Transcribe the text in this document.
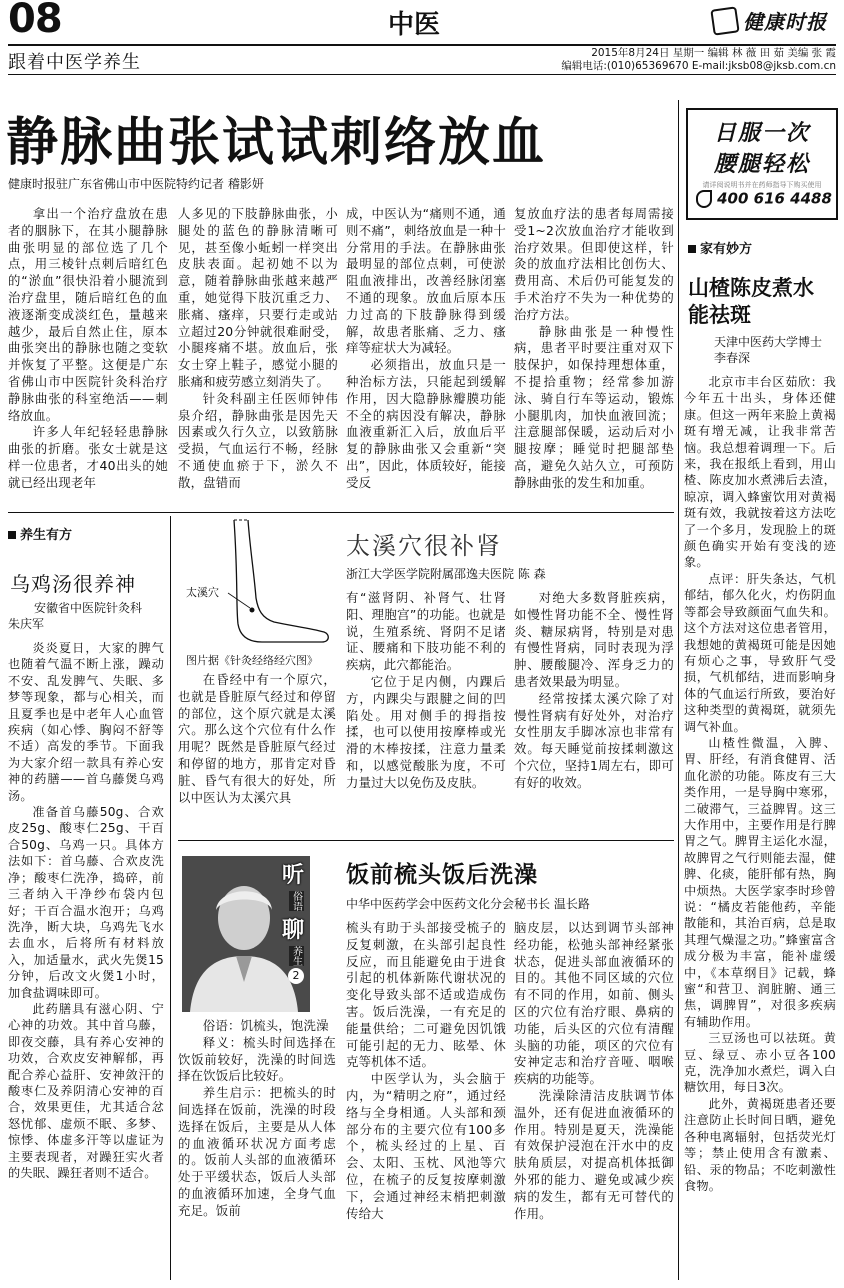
08	中医	健康时报
跟着中医学养生	2015年8月24日 星期一 编辑 林 薇 田 茹 美编 张 霞
编辑电话:(010)65369670 E-mail:jksb08@jksb.com.cn
静脉曲张试试刺络放血
健康时报驻广东省佛山市中医院特约记者 稽影妍

拿出一个治疗盘放在患者的胭脉下，在其小腿静脉曲张明显的部位选了几个点，用三棱针点刺后暗红色的“淤血”很快沿着小腿流到治疗盘里，随后暗红色的血液逐渐变成淡红色，量越来越少，最后自然止住，原本曲张突出的静脉也随之变软并恢复了平整。这便是广东省佛山市中医院针灸科治疗静脉曲张的科室绝活——刺络放血。

许多人年纪轻轻患静脉曲张的折磨。张女士就是这样一位患者，才40出头的她就已经出现老年

人多见的下肢静脉曲张，小腿处的蓝色的静脉清晰可见，甚至像小蚯蚓一样突出皮肤表面。起初她不以为意，随着静脉曲张越来越严重，她觉得下肢沉重乏力、胀痛、瘙痒，只要行走或站立超过20分钟就很难耐受，小腿疼痛不堪。放血后，张女士穿上鞋子，感觉小腿的胀痛和疲劳感立刻消失了。

针灸科副主任医师钟伟泉介绍，静脉曲张是因先天因素或久行久立，以致筋脉受损，气血运行不畅，经脉不通使血瘀于下，淤久不散，盘错而

成，中医认为“痛则不通，通则不痛”，刺络放血是一种十分常用的手法。在静脉曲张最明显的部位点刺，可使淤阻血液排出，改善经脉闭塞不通的现象。放血后原本压力过高的下肢静脉得到缓解，故患者胀痛、乏力、瘙痒等症状大为减轻。

必须指出，放血只是一种治标方法，只能起到缓解作用，因大隐静脉瓣膜功能不全的病因没有解决，静脉血液重新汇入后，放血后平复的静脉曲张又会重新“突出”，因此，体质较好，能接受反

复放血疗法的患者每周需接受1~2次放血治疗才能收到治疗效果。但即使这样，针灸的放血疗法相比创伤大、费用高、术后仍可能复发的手术治疗不失为一种优势的治疗方法。

静脉曲张是一种慢性病，患者平时要注重对双下肢保护，如保持理想体重，不提拾重物；经常参加游泳、骑自行车等运动，锻炼小腿肌肉，加快血液回流；注意腿部保暖，运动后对小腿按摩；睡觉时把腿部垫高，避免久站久立，可预防静脉曲张的发生和加重。

日服一次
腰腿轻松
请详阅说明书并在药师指导下购买使用
400 616 4488
家有妙方
山楂陈皮煮水能祛斑
天津中医药大学博士
李春深

北京市丰台区茹欣：我今年五十出头，身体还健康。但这一两年来脸上黄褐斑有增无减，让我非常苦恼。我总想着调理一下。后来，我在报纸上看到，用山楂、陈皮加水煮沸后去渣，晾凉，调入蜂蜜饮用对黄褐斑有效，我就按着这方法吃了一个多月，发现脸上的斑颜色确实开始有变浅的迹象。

点评：肝失条达，气机郁结，郁久化火，灼伤阴血等都会导致颜面气血失和。这个方法对这位患者管用，我想她的黄褐斑可能是因她有烦心之事，导致肝气受损，气机郁结，进而影响身体的气血运行所致，要治好这种类型的黄褐斑，就须先调气补血。

山楂性微温，入脾、胃、肝经，有消食健胃、活血化淤的功能。陈皮有三大类作用，一是导胸中寒邪，二破滞气，三益脾胃。这三大作用中，主要作用是行脾胃之气。脾胃主运化水湿，故脾胃之气行则能去湿，健脾、化痰，能肝郁有热，胸中烦热。大医学家李时珍曾说：“橘皮若能他药，辛能散能和，其治百病，总是取其理气燥湿之功。”蜂蜜富含成分极为丰富，能补虚缓中，《本草纲目》记载，蜂蜜“和营卫、润脏腑、通三焦，调脾胃”，对很多疾病有辅助作用。

三豆汤也可以祛斑。黄豆、绿豆、赤小豆各100克，洗净加水煮烂，调入白糖饮用，每日3次。

此外，黄褐斑患者还要注意防止长时间日晒，避免各种电离辐射，包括荧光灯等；禁止使用含有激素、铅、汞的物品；不吃刺激性食物。

养生有方
乌鸡汤很养神
安徽省中医院针灸科
朱庆军

炎炎夏日，大家的脾气也随着气温不断上涨，躁动不安、乱发脾气、失眠、多梦等现象，都与心相关，而且夏季也是中老年人心血管疾病（如心悸、胸闷不舒等不适）高发的季节。下面我为大家介绍一款具有养心安神的药膳——首乌藤煲乌鸡汤。

准备首乌藤50g、合欢皮25g、酸枣仁25g、干百合50g、乌鸡一只。具体方法如下：首乌藤、合欢皮洗净；酸枣仁洗净，捣碎，前三者纳入干净纱布袋内包好；干百合温水泡开；乌鸡洗净，断大块，乌鸡先飞水去血水，后将所有材料放入，加适量水，武火先煲15分钟，后改文火煲1小时，加食盐调味即可。

此药膳具有滋心阴、宁心神的功效。其中首乌藤，即夜交藤，具有养心安神的功效，合欢皮安神解郁，再配合养心益肝、安神敛汗的酸枣仁及养阴清心安神的百合，效果更佳，尤其适合忿怒忧郁、虚烦不眠、多梦、惊悸、体虚多汗等以虚证为主要表现者，对躁狂实火者的失眠、躁狂者则不适合。

太溪穴
图片据《针灸经络经穴图》

在昏经中有一个原穴，也就是昏脏原气经过和停留的部位，这个原穴就是太溪穴。那么这个穴位有什么作用呢？既然是昏脏原气经过和停留的地方，那肯定对昏脏、昏气有很大的好处，所以中医认为太溪穴具

太溪穴很补肾
浙江大学医学院附属邵逸夫医院 陈 森

有“滋肾阴、补肾气、壮肾阳、理胞宫”的功能。也就是说，生殖系统、肾阴不足诸证、腰痛和下肢功能不利的疾病，此穴都能治。

它位于足内侧，内踝后方，内踝尖与跟腱之间的凹陷处。用对侧手的拇指按揉，也可以使用按摩棒或光滑的木棒按揉，注意力量柔和，以感觉酸胀为度，不可力量过大以免伤及皮肤。

对绝大多数肾脏疾病，如慢性肾功能不全、慢性肾炎、糖尿病肾，特别是对患有慢性肾病，同时表现为浮肿、腰酸腿冷、浑身乏力的患者效果最为明显。

经常按揉太溪穴除了对慢性肾病有好处外，对治疗女性朋友手脚冰凉也非常有效。每天睡觉前按揉刺激这个穴位，坚持1周左右，即可有好的收效。

听
俗语
聊
养生
2

俗语：饥梳头，饱洗澡

释义：梳头时间选择在饮饭前较好，洗澡的时间选择在饮饭后比较好。

养生启示：把梳头的时间选择在饭前，洗澡的时段选择在饭后，主要是从人体的血液循环状况方面考虑的。饭前人头部的血液循环处于平缓状态，饭后人头部的血液循环加速，全身气血充足。饭前

饭前梳头饭后洗澡
中华中医药学会中医药文化分会秘书长 温长路

梳头有助于头部接受梳子的反复刺激，在头部引起良性反应，而且能避免由于进食引起的机体新陈代谢状况的变化导致头部不适或造成伤害。饭后洗澡，一有充足的能量供给；二可避免因饥饿可能引起的无力、眩晕、休克等机体不适。

中医学认为，头会脑于内，为“精明之府”，通过经络与全身相通。人头部和颈部分布的主要穴位有100多个，梳头经过的上星、百会、太阳、玉枕、风池等穴位，在梳子的反复按摩刺激下，会通过神经末梢把刺激传给大

脑皮层，以达到调节头部神经功能，松弛头部神经紧张状态，促进头部血液循环的目的。其他不同区域的穴位有不同的作用，如前、侧头区的穴位有治疗眼、鼻病的功能，后头区的穴位有清醒头脑的功能，项区的穴位有安神定志和治疗音哑、咽喉疾病的功能等。

洗澡除清洁皮肤调节体温外，还有促进血液循环的作用。特别是夏天，洗澡能有效保护浸泡在汗水中的皮肤角质层，对提高机体抵御外邪的能力、避免或减少疾病的发生，都有无可替代的作用。
